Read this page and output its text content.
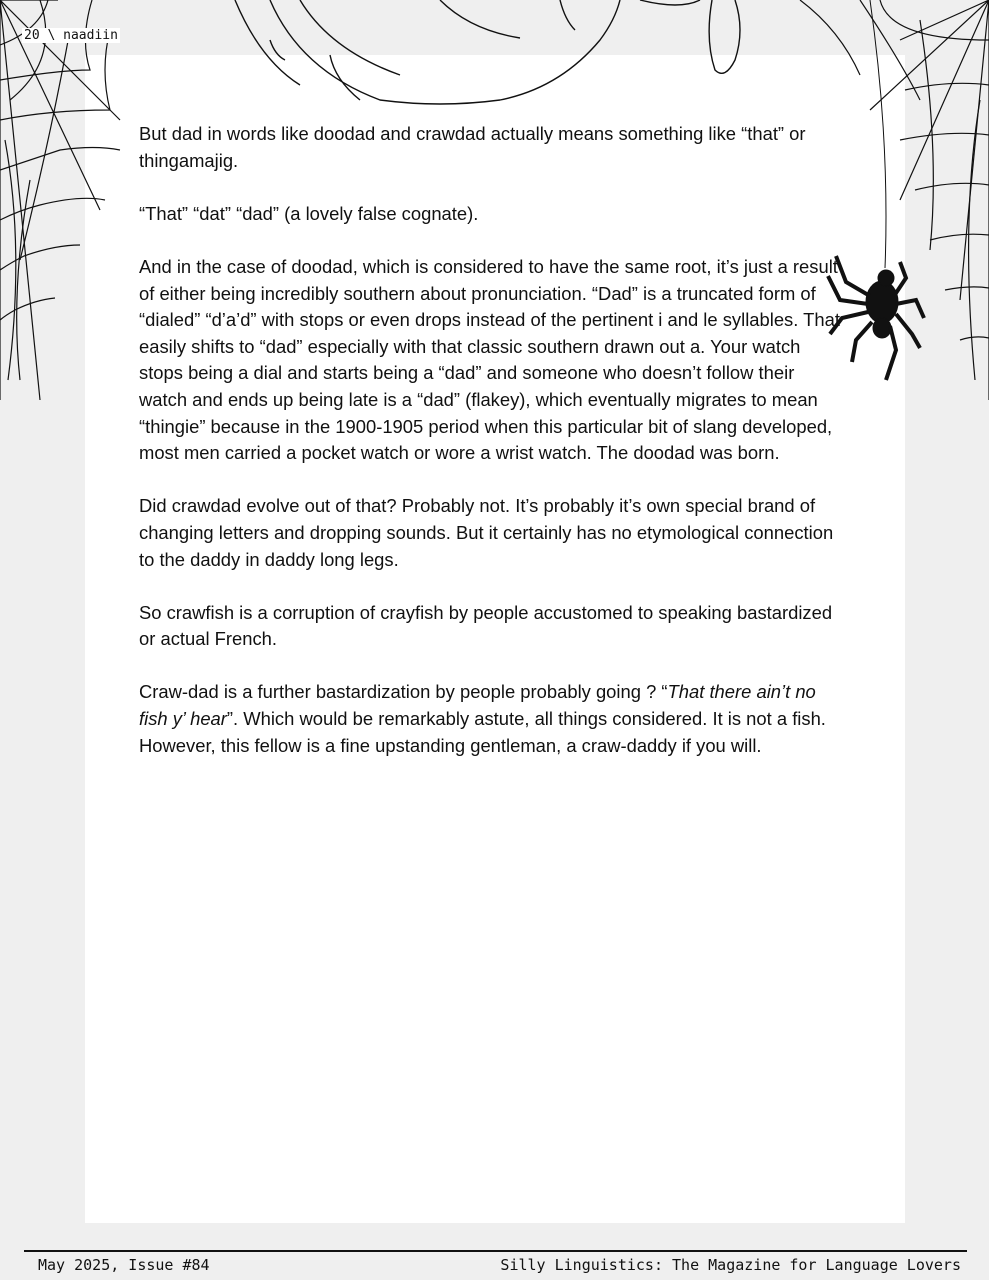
20 \ naadiin

But dad in words like doodad and crawdad actually means something like “that” or thingamajig.

“That” “dat” “dad” (a lovely false cognate).

And in the case of doodad, which is considered to have the same root, it’s just a result of either being incredibly southern about pronunciation. “Dad” is a truncated form of “dialed” “d’a’d” with stops or even drops instead of the pertinent i and le syllables. That easily shifts to “dad” especially with that classic southern drawn out a. Your watch stops being a dial and starts being a “dad” and someone who doesn’t follow their watch and ends up being late is a “dad” (flakey), which eventually migrates to mean “thingie” because in the 1900-1905 period when this particular bit of slang developed, most men carried a pocket watch or wore a wrist watch. The doodad was born.

Did crawdad evolve out of that? Probably not. It’s probably it’s own special brand of changing letters and dropping sounds. But it certainly has no etymological connection to the daddy in daddy long legs.

So crawfish is a corruption of crayfish by people accustomed to speaking bastardized or actual French.

Craw-dad is a further bastardization by people probably going ? “That there ain’t no fish y’ hear”. Which would be remarkably astute, all things considered. It is not a fish. However, this fellow is a fine upstanding gentleman, a craw-daddy if you will.

May 2025, Issue #84	Silly Linguistics: The Magazine for Language Lovers
